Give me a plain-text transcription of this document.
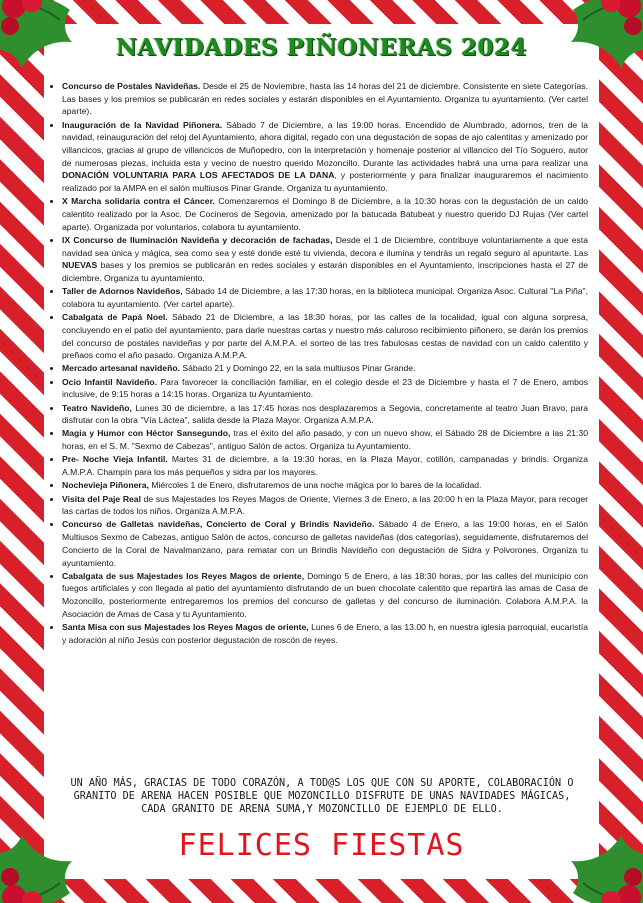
NAVIDADES PIÑONERAS 2024
• Concurso de Postales Navideñas. Desde el 25 de Noviembre, hasta las 14 horas del 21 de diciembre. Consistente en siete Categorías. Las bases y los premios se publicarán en redes sociales y estarán disponibles en el Ayuntamiento. Organiza tu ayuntamiento. (Ver cartel aparte).
• Inauguración de la Navidad Piñonera. Sábado 7 de Diciembre, a las 19:00 horas. Encendido de Alumbrado, adornos, tren de la navidad, reinauguración del reloj del Ayuntamiento, ahora digital, regado con una degustación de sopas de ajo calentitas y amenizado por villancicos, gracias al grupo de villancicos de Muñopedro, con la interpretación y homenaje posterior al villancico del Tío Soguero, autor de numerosas piezas, incluida esta y vecino de nuestro querido Mozoncillo. Durante las actividades habrá una urna para realizar una DONACIÓN VOLUNTARIA PARA LOS AFECTADOS DE LA DANA, y posteriormente y para finalizar inauguraremos el nacimiento realizado por la AMPA en el salón multiusos Pinar Grande. Organiza tu ayuntamiento.
• X Marcha solidaria contra el Cáncer. Comenzaremos el Domingo 8 de Diciembre, a la 10:30 horas con la degustación de un caldo calentito realizado por la Asoc. De Cocineros de Segovia, amenizado por la batucada Batubeat y nuestro querido DJ Rujas (Ver cartel aparte). Organizada por voluntarios, colabora tu ayuntamiento.
• IX Concurso de Iluminación Navideña y decoración de fachadas, Desde el 1 de Diciembre, contribuye voluntariamente a que esta navidad sea única y mágica, sea como sea y esté donde esté tu vivienda, decora e ilumina y tendrás un regalo seguro al apuntarte. Las NUEVAS bases y los premios se publicarán en redes sociales y estarán disponibles en el Ayuntamiento, inscripciones hasta el 27 de diciembre. Organiza tu ayuntamiento.
• Taller de Adornos Navideños, Sábado 14 de Diciembre, a las 17:30 horas, en la biblioteca municipal. Organiza Asoc. Cultural "La Piña", colabora tu ayuntamiento. (Ver cartel aparte).
• Cabalgata de Papá Noel. Sábado 21 de Diciembre, a las 18:30 horas, por las calles de la localidad, igual con alguna sorpresa, concluyendo en el patio del ayuntamiento, para darle nuestras cartas y nuestro más caluroso recibimiento piñonero, se darán los premios del concurso de postales navideñas y por parte del A.M.P.A. el sorteo de las tres fabulosas cestas de navidad con un caldo calentito y preñaos como el año pasado. Organiza A.M.P.A.
• Mercado artesanal navideño. Sábado 21 y Domingo 22, en la sala multiusos Pinar Grande.
• Ocio Infantil Navideño. Para favorecer la conciliación familiar, en el colegio desde el 23 de Diciembre y hasta el 7 de Enero, ambos inclusive, de 9:15 horas a 14:15 horas. Organiza tu Ayuntamiento.
• Teatro Navideño, Lunes 30 de diciembre, a las 17:45 horas nos desplazaremos a Segovia, concretamente al teatro Juan Bravo, para disfrutar con la obra "Vía Láctea", salida desde la Plaza Mayor. Organiza A.M.P.A.
• Magia y Humor con Héctor Sansegundo, tras el éxito del año pasado, y con un nuevo show, el Sábado 28 de Diciembre a las 21:30 horas, en el S. M. "Sexmo de Cabezas", antiguo Salón de actos. Organiza tu Ayuntamiento.
• Pre- Noche Vieja Infantil. Martes 31 de diciembre, a la 19:30 horas, en la Plaza Mayor, cotillón, campanadas y brindis. Organiza A.M.P.A. Champín para los más pequeños y sidra par los mayores.
• Nochevieja Piñonera, Miércoles 1 de Enero, disfrutaremos de una noche mágica por lo bares de la localidad.
• Visita del Paje Real de sus Majestades los Reyes Magos de Oriente, Viernes 3 de Enero, a las 20:00 h en la Plaza Mayor, para recoger las cartas de todos los niños. Organiza A.M.P.A.
• Concurso de Galletas navideñas, Concierto de Coral y Brindis Navideño. Sábado 4 de Enero, a las 19:00 horas, en el Salón Multiusos Sexmo de Cabezas, antiguo Salón de actos, concurso de galletas navideñas (dos categorías), seguidamente, disfrutaremos del Concierto de la Coral de Navalmanzano, para rematar con un Brindis Navideño con degustación de Sidra y Polvorones. Organiza tu ayuntamiento.
• Cabalgata de sus Majestades los Reyes Magos de oriente, Domingo 5 de Enero, a las 18:30 horas, por las calles del municipio con fuegos artificiales y con llegada al patio del ayuntamiento disfrutando de un buen chocolate calentito que repartirá las amas de Casa de Mozoncillo, posteriormente entregaremos los premios del concurso de galletas y del concurso de iluminación. Colabora A.M.P.A. la Asociación de Amas de Casa y tu Ayuntamiento.
• Santa Misa con sus Majestades los Reyes Magos de oriente, Lunes 6 de Enero, a las 13.00 h, en nuestra iglesia parroquial, eucaristía y adoración al niño Jesús con posterior degustación de roscón de reyes.
UN AÑO MÁS, GRACIAS DE TODO CORAZÓN, A TOD@S LOS QUE CON SU APORTE, COLABORACIÓN O
GRANITO DE ARENA HACEN POSIBLE QUE MOZONCILLO DISFRUTE DE UNAS NAVIDADES MÁGICAS,
CADA GRANITO DE ARENA SUMA,Y MOZONCILLO DE EJEMPLO DE ELLO.
FELICES FIESTAS
